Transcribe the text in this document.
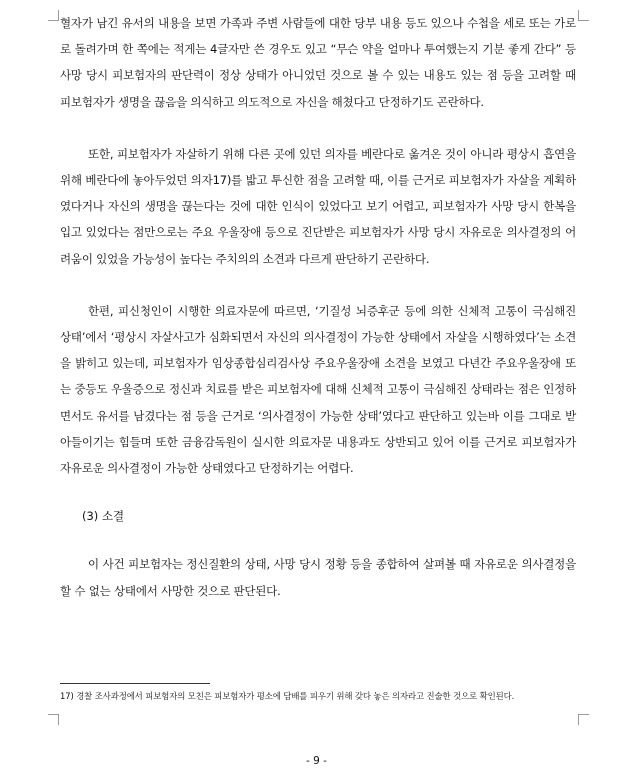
혈자가 남긴 유서의 내용을 보면 가족과 주변 사람들에 대한 당부 내용 등도 있으나 수첩을 세로 또는 가로로 돌려가며 한 쪽에는 적게는 4글자만 쓴 경우도 있고 “무슨 약을 얼마나 투여했는지 기분 좋게 간다” 등 사망 당시 피보험자의 판단력이 정상 상태가 아니었던 것으로 볼 수 있는 내용도 있는 점 등을 고려할 때 피보험자가 생명을 끊음을 의식하고 의도적으로 자신을 해쳤다고 단정하기도 곤란하다.

또한, 피보험자가 자살하기 위해 다른 곳에 있던 의자를 베란다로 옮겨온 것이 아니라 평상시 흡연을 위해 베란다에 놓아두었던 의자17)를 밟고 투신한 점을 고려할 때, 이를 근거로 피보험자가 자살을 계획하였다거나 자신의 생명을 끊는다는 것에 대한 인식이 있었다고 보기 어렵고, 피보험자가 사망 당시 한복을 입고 있었다는 점만으로는 주요 우울장애 등으로 진단받은 피보험자가 사망 당시 자유로운 의사결정의 어려움이 있었을 가능성이 높다는 주치의의 소견과 다르게 판단하기 곤란하다.

한편, 피신청인이 시행한 의료자문에 따르면, ‘기질성 뇌증후군 등에 의한 신체적 고통이 극심해진 상태’에서 ‘평상시 자살사고가 심화되면서 자신의 의사결정이 가능한 상태에서 자살을 시행하였다’는 소견을 밝히고 있는데, 피보험자가 임상종합심리검사상 주요우울장애 소견을 보였고 다년간 주요우울장애 또는 중등도 우울증으로 정신과 치료를 받은 피보험자에 대해 신체적 고통이 극심해진 상태라는 점은 인정하면서도 유서를 남겼다는 점 등을 근거로 ‘의사결정이 가능한 상태’였다고 판단하고 있는바 이를 그대로 받아들이기는 힘들며 또한 금융감독원이 실시한 의료자문 내용과도 상반되고 있어 이를 근거로 피보험자가 자유로운 의사결정이 가능한 상태였다고 단정하기는 어렵다.

(3) 소결

이 사건 피보험자는 정신질환의 상태, 사망 당시 정황 등을 종합하여 살펴볼 때 자유로운 의사결정을 할 수 없는 상태에서 사망한 것으로 판단된다.

17) 경찰 조사과정에서 피보험자의 모친은 피보험자가 평소에 담배를 피우기 위해 갖다 놓은 의자라고 진술한 것으로 확인된다.
- 9 -
